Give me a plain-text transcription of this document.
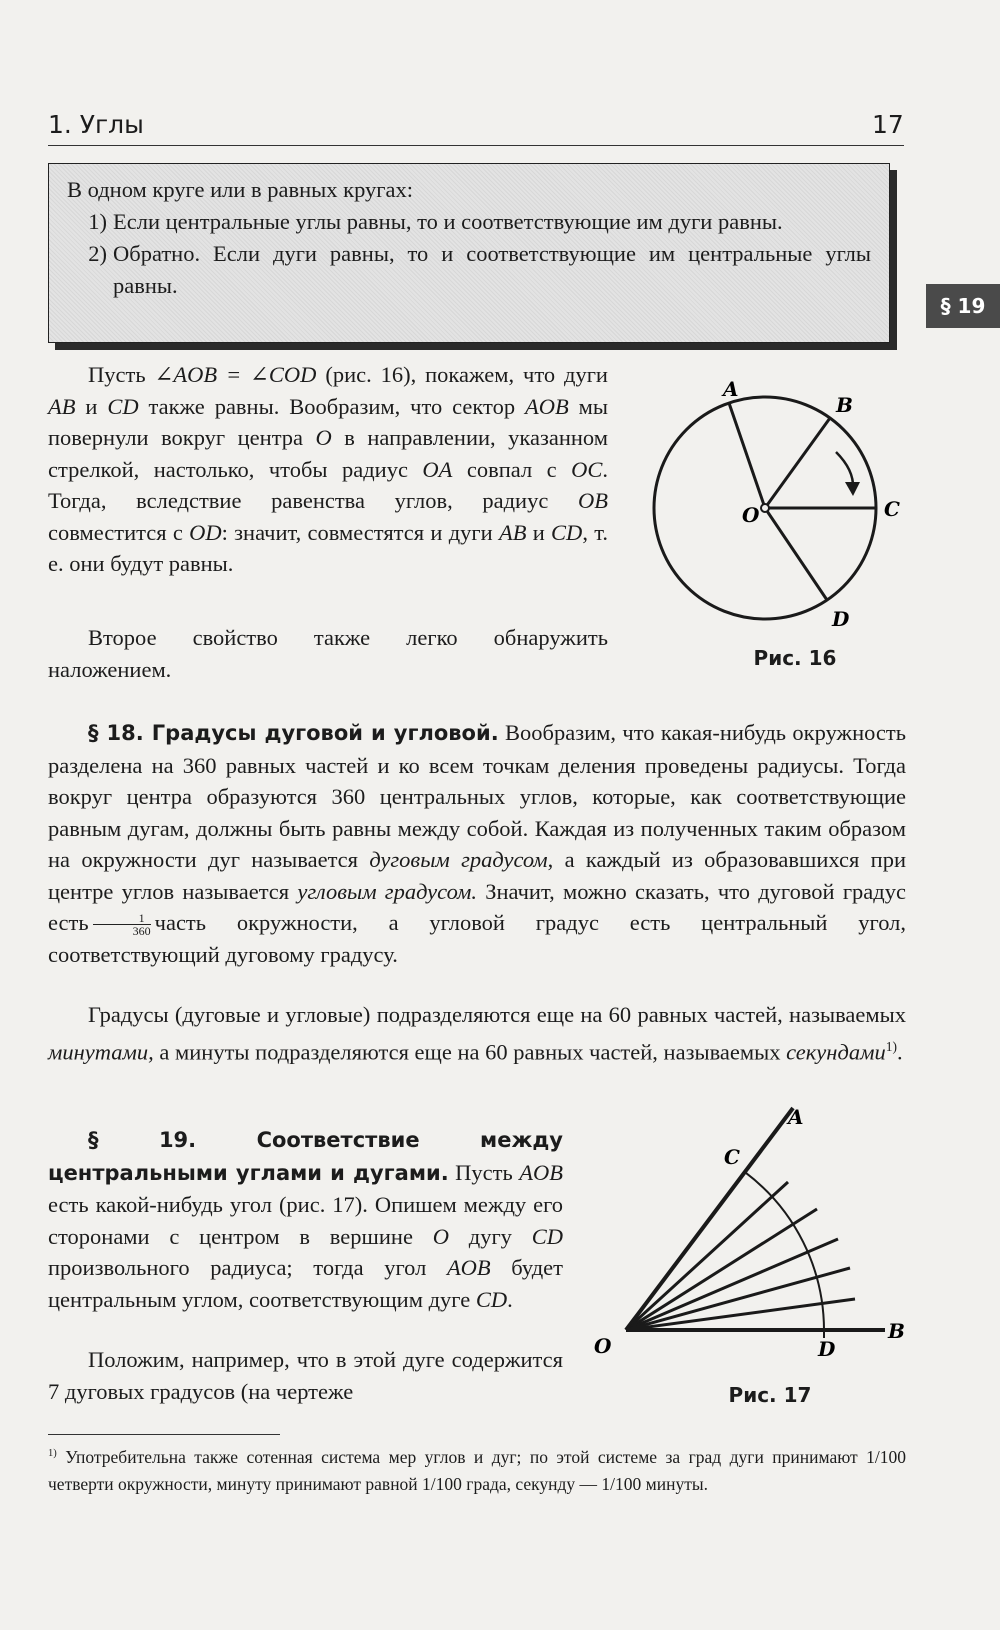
1. Углы	17
§ 19
В одном круге или в равных кругах:
1) Если центральные углы равны, то и соответствующие им дуги равны.
2) Обратно. Если дуги равны, то и соответствующие им центральные углы равны.
Пусть ∠AOB = ∠COD (рис. 16), покажем, что дуги AB и CD также равны. Вообразим, что сектор AOB мы повернули вокруг центра O в направлении, указанном стрелкой, настолько, чтобы радиус OA совпал с OC. Тогда, вследствие равенства углов, радиус OB совместится с OD: значит, совместятся и дуги AB и CD, т. е. они будут равны.
Второе свойство также легко обнаружить наложением.
A
B
C
O
D
Рис. 16
§ 18. Градусы дуговой и угловой. Вообразим, что какая-нибудь окружность разделена на 360 равных частей и ко всем точкам деления проведены радиусы. Тогда вокруг центра образуются 360 центральных углов, которые, как соответствующие равным дугам, должны быть равны между собой. Каждая из полученных таким образом на окружности дуг называется дуговым градусом, а каждый из образовавшихся при центре углов называется угловым градусом. Значит, можно сказать, что дуговой градус есть $\frac{1}{360}$ часть окружности, а угловой градус есть центральный угол, соответствующий дуговому градусу.
Градусы (дуговые и угловые) подразделяются еще на 60 равных частей, называемых минутами, а минуты подразделяются еще на 60 равных частей, называемых секундами$^{1)}$.
§ 19. Соответствие между центральными углами и дугами. Пусть AOB есть какой-нибудь угол (рис. 17). Опишем между его сторонами с центром в вершине O дугу CD произвольного радиуса; тогда угол AOB будет центральным углом, соответствующим дуге CD.
Положим, например, что в этой дуге содержится 7 дуговых градусов (на чертеже
A
C
O	D
B
Рис. 17
$^{1)}$ Употребительна также сотенная система мер углов и дуг; по этой системе за град дуги принимают 1/100 четверти окружности, минуту принимают равной 1/100 града, секунду — 1/100 минуты.
